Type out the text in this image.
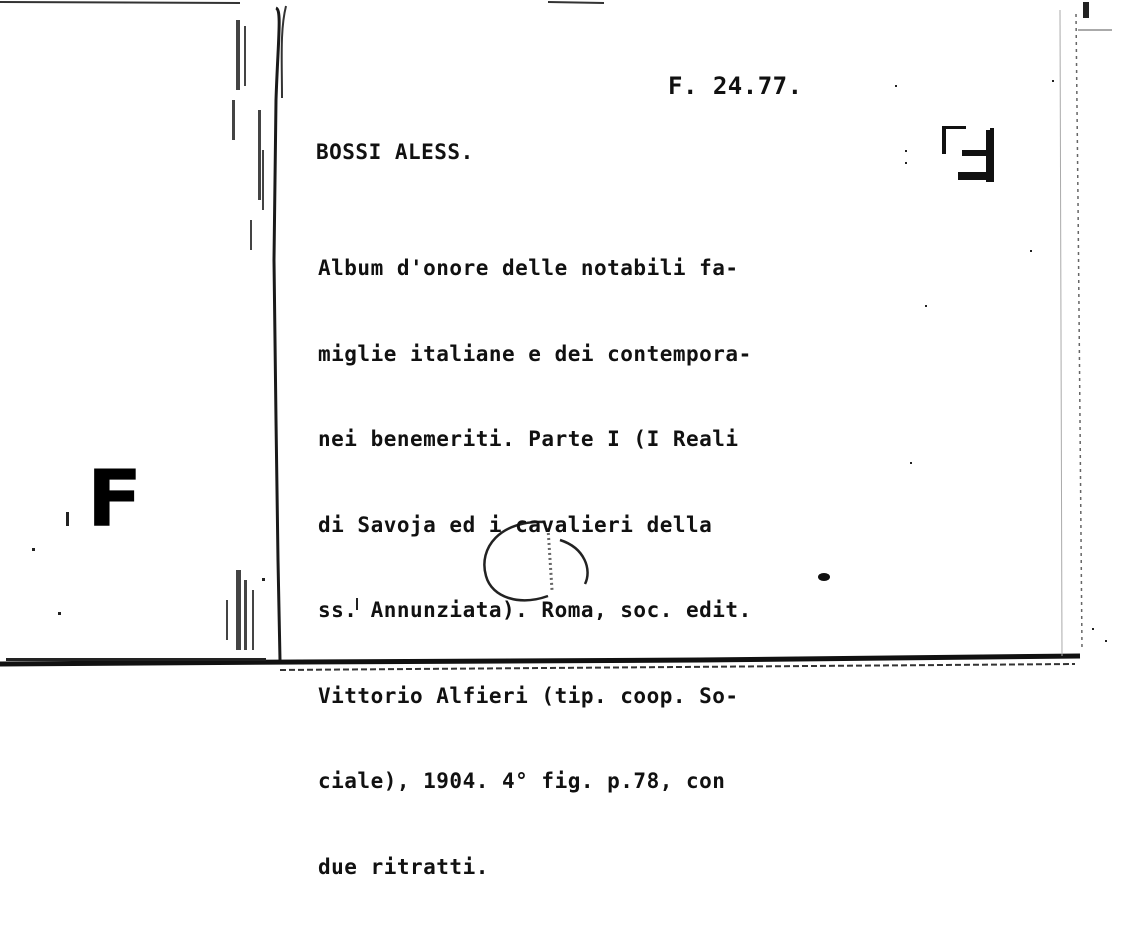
F. 24.77.
BOSSI ALESS.

Album d'onore delle notabili fa-

miglie italiane e dei contempora-

nei benemeriti. Parte I (I Reali

di Savoja ed i cavalieri della

ss. Annunziata). Roma, soc. edit.

Vittorio Alfieri (tip. coop. So-

ciale), 1904. 4° fig. p.78, con

due ritratti.

F
